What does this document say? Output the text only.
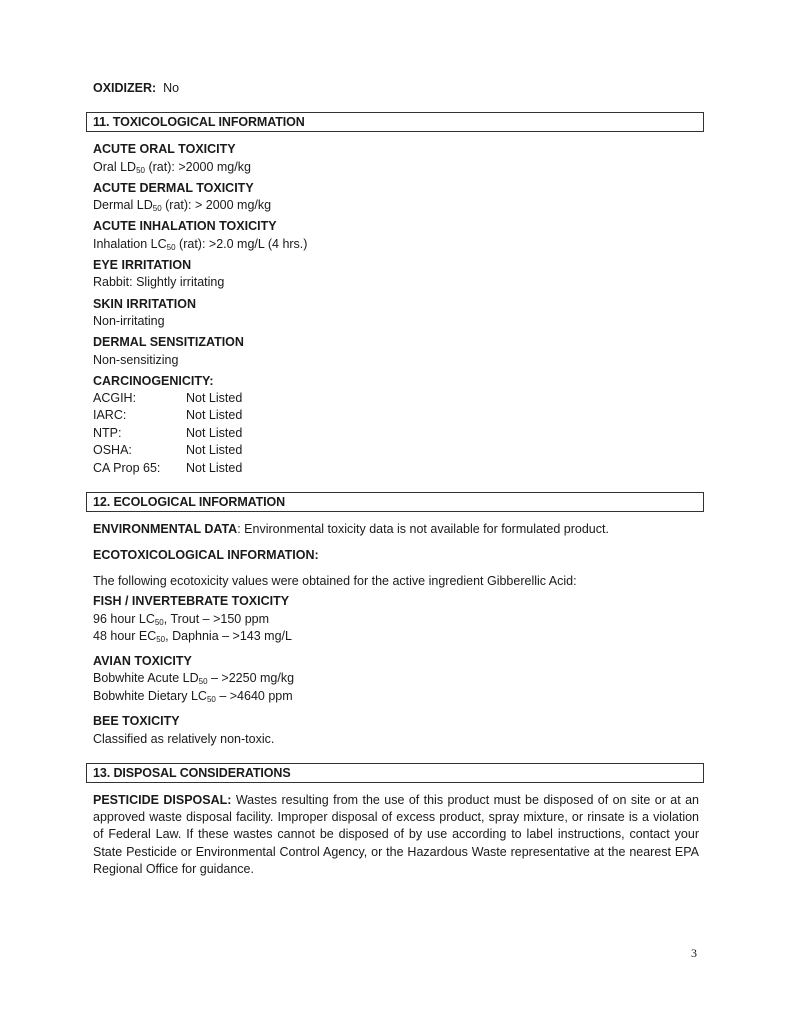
OXIDIZER: No
11. TOXICOLOGICAL INFORMATION
ACUTE ORAL TOXICITY
Oral $LD_{50}$ (rat): >2000 mg/kg
ACUTE DERMAL TOXICITY
Dermal $LD_{50}$ (rat): > 2000 mg/kg
ACUTE INHALATION TOXICITY
Inhalation $LC_{50}$ (rat): >2.0 mg/L (4 hrs.)
EYE IRRITATION
Rabbit: Slightly irritating
SKIN IRRITATION
Non-irritating
DERMAL SENSITIZATION
Non-sensitizing
CARCINOGENICITY:
ACGIH:	Not Listed
IARC:	Not Listed
NTP:	Not Listed
OSHA:	Not Listed
CA Prop 65: Not Listed
12. ECOLOGICAL INFORMATION
ENVIRONMENTAL DATA: Environmental toxicity data is not available for formulated product.
ECOTOXICOLOGICAL INFORMATION:
The following ecotoxicity values were obtained for the active ingredient Gibberellic Acid:
FISH / INVERTEBRATE TOXICITY
96 hour $LC_{50}$, Trout – >150 ppm
48 hour $EC_{50}$, Daphnia – >143 mg/L
AVIAN TOXICITY
Bobwhite Acute $LD_{50} - >2250$ mg/kg
Bobwhite Dietary $LC_{50} - >4640$ ppm
BEE TOXICITY
Classified as relatively non-toxic.
13. DISPOSAL CONSIDERATIONS
PESTICIDE DISPOSAL: Wastes resulting from the use of this product must be disposed of on site or at an approved waste disposal facility. Improper disposal of excess product, spray mixture, or rinsate is a violation of Federal Law. If these wastes cannot be disposed of by use according to label instructions, contact your State Pesticide or Environmental Control Agency, or the Hazardous Waste representative at the nearest EPA Regional Office for guidance.
3
